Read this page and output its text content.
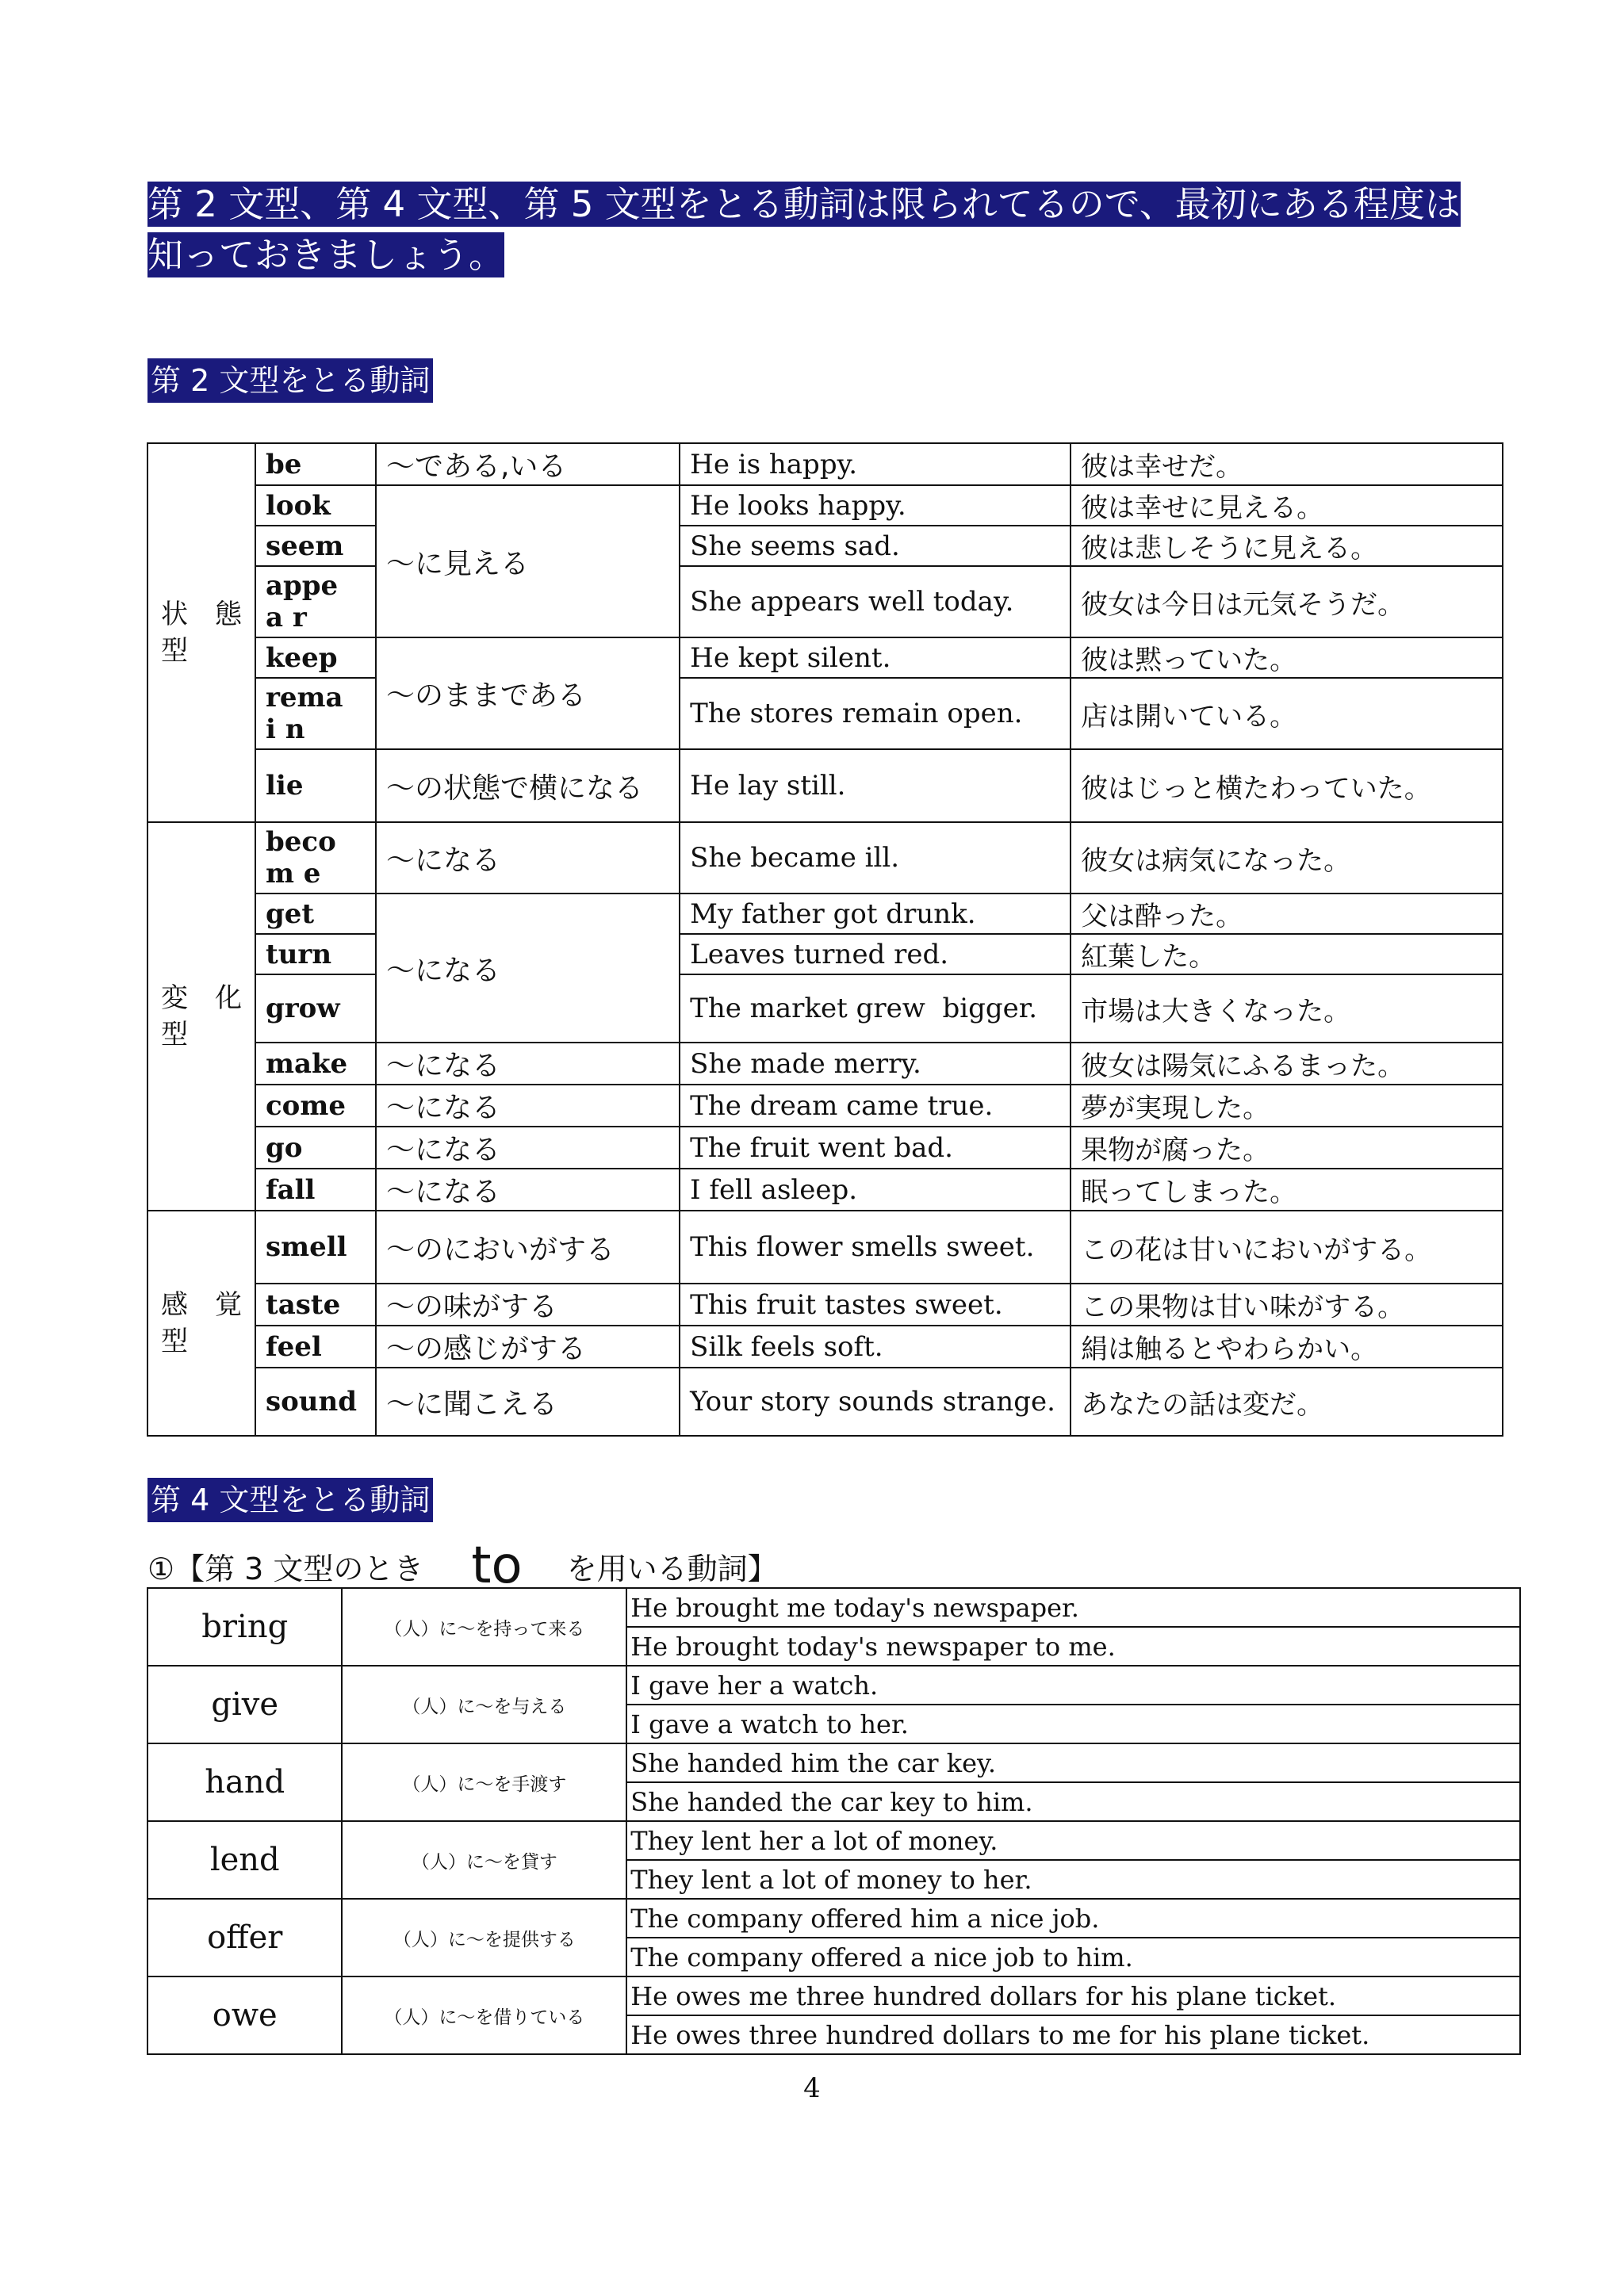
第 2 文型、第 4 文型、第 5 文型をとる動詞は限られてるので、最初にある程度は知っておきましょう。
第 2 文型をとる動詞
状　態
型	be	〜である,いる	He is happy.	彼は幸せだ。
	look	〜に見える	He looks happy.	彼は幸せに見える。
	seem		She seems sad.	彼は悲しそうに見える。
	appea r		She appears well today.	彼女は今日は元気そうだ。
	keep	〜のままである	He kept silent.	彼は黙っていた。
	remai n		The stores remain open.	店は開いている。
	lie	〜の状態で横になる	He lay still.	彼はじっと横たわっていた。
変　化
型	becom e	〜になる	She became ill.	彼女は病気になった。
	get	〜になる	My father got drunk.	父は酔った。
	turn		Leaves turned red.	紅葉した。
	grow		The market grew  bigger.	市場は大きくなった。
	make	〜になる	She made merry.	彼女は陽気にふるまった。
	come	〜になる	The dream came true.	夢が実現した。
	go	〜になる	The fruit went bad.	果物が腐った。
	fall	〜になる	I fell asleep.	眠ってしまった。
感　覚
型	smell	〜のにおいがする	This flower smells sweet.	この花は甘いにおいがする。
	taste	〜の味がする	This fruit tastes sweet.	この果物は甘い味がする。
	feel	〜の感じがする	Silk feels soft.	絹は触るとやわらかい。
	sound	〜に聞こえる	Your story sounds strange.	あなたの話は変だ。
第 4 文型をとる動詞
①【第 3 文型のとき to を用いる動詞】
bring	（人）に〜を持って来る	He brought me today's newspaper.
		He brought today's newspaper to me.
give	（人）に〜を与える	I gave her a watch.
		I gave a watch to her.
hand	（人）に〜を手渡す	She handed him the car key.
		She handed the car key to him.
lend	（人）に〜を貸す	They lent her a lot of money.
		They lent a lot of money to her.
offer	（人）に〜を提供する	The company offered him a nice job.
		The company offered a nice job to him.
owe	（人）に〜を借りている	He owes me three hundred dollars for his plane ticket.
		He owes three hundred dollars to me for his plane ticket.
4
